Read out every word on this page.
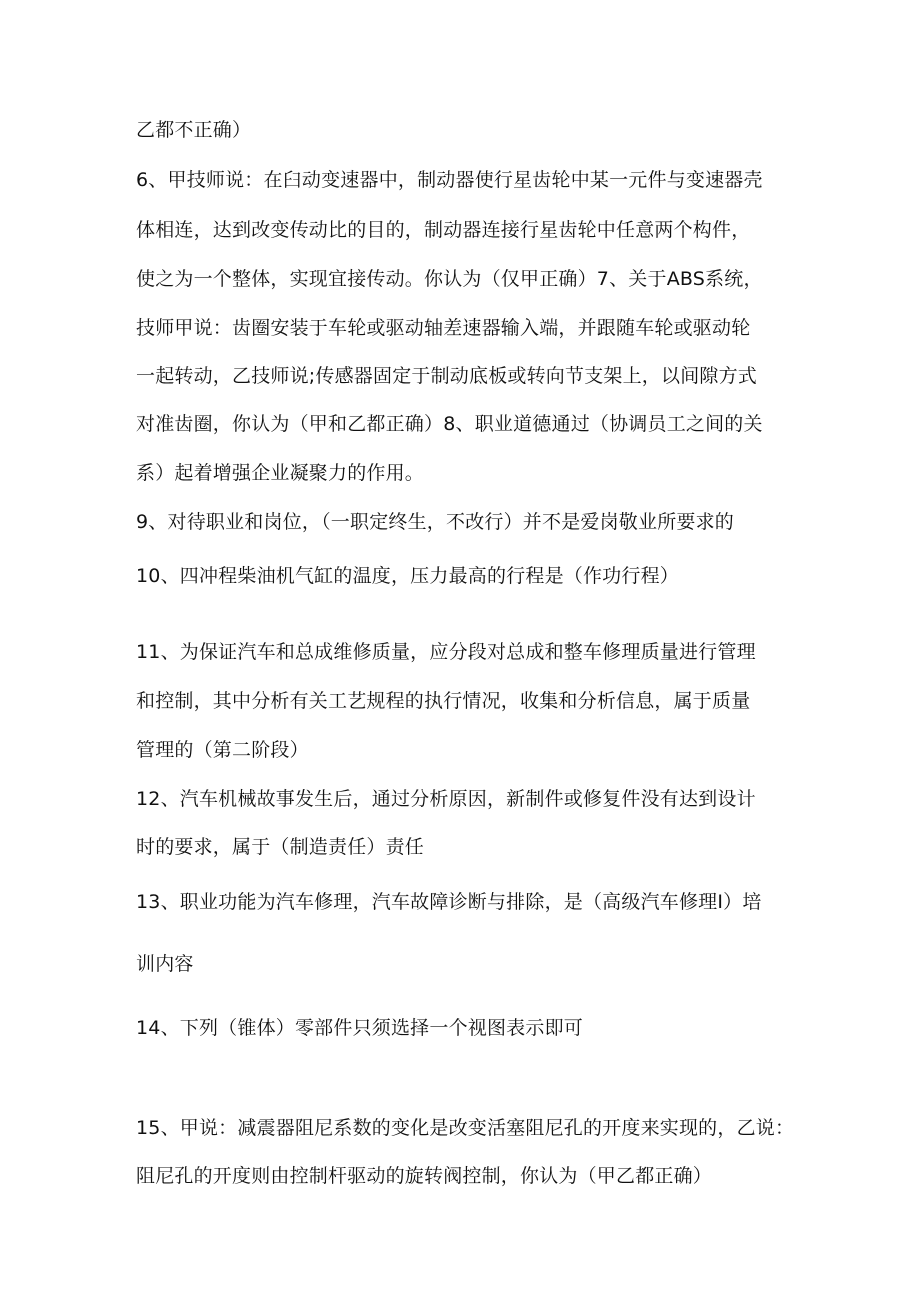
乙都不正确）

6、甲技师说：在臼动变速器中，制动器使行星齿轮中某一元件与变速器壳

体相连，达到改变传动比的目的，制动器连接行星齿轮中任意两个构件，

使之为一个整体，实现宜接传动。你认为（仅甲正确）7、关于ABS系统，

技师甲说：齿圈安装于车轮或驱动轴差速器输入端，并跟随车轮或驱动轮

一起转动，乙技师说;传感器固定于制动底板或转向节支架上，以间隙方式

对准齿圈，你认为（甲和乙都正确）8、职业道德通过（协调员工之间的关

系）起着增强企业凝聚力的作用。

9、对待职业和岗位，（一职定终生，不改行）并不是爱岗敬业所要求的

10、四冲程柴油机气缸的温度，压力最高的行程是（作功行程）

11、为保证汽车和总成维修质量，应分段对总成和整车修理质量进行管理

和控制，其中分析有关工艺规程的执行情况，收集和分析信息，属于质量

管理的（第二阶段）

12、汽车机械故事发生后，通过分析原因，新制件或修复件没有达到设计

时的要求，属于（制造责任）责任

13、职业功能为汽车修理，汽车故障诊断与排除，是（高级汽车修理I）培

训内容

14、下列（锥体）零部件只须选择一个视图表示即可

15、甲说：减震器阻尼系数的变化是改变活塞阻尼孔的开度来实现的，乙说：

阻尼孔的开度则由控制杆驱动的旋转阀控制，你认为（甲乙都正确）
